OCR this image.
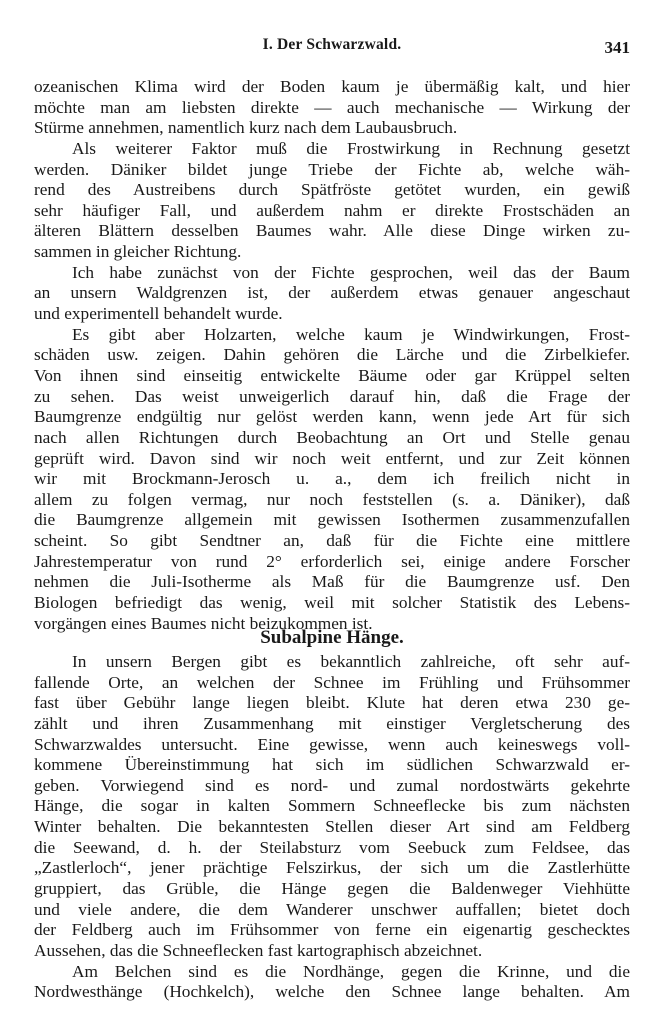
I. Der Schwarzwald.	341
ozeanischen Klima wird der Boden kaum je übermäßig kalt, und hier
möchte man am liebsten direkte — auch mechanische — Wirkung der
Stürme annehmen, namentlich kurz nach dem Laubausbruch.
Als weiterer Faktor muß die Frostwirkung in Rechnung gesetzt
werden. Däniker bildet junge Triebe der Fichte ab, welche wäh-
rend des Austreibens durch Spätfröste getötet wurden, ein gewiß
sehr häufiger Fall, und außerdem nahm er direkte Frostschäden an
älteren Blättern desselben Baumes wahr. Alle diese Dinge wirken zu-
sammen in gleicher Richtung.
Ich habe zunächst von der Fichte gesprochen, weil das der Baum
an unsern Waldgrenzen ist, der außerdem etwas genauer angeschaut
und experimentell behandelt wurde.
Es gibt aber Holzarten, welche kaum je Windwirkungen, Frost-
schäden usw. zeigen. Dahin gehören die Lärche und die Zirbelkiefer.
Von ihnen sind einseitig entwickelte Bäume oder gar Krüppel selten
zu sehen. Das weist unweigerlich darauf hin, daß die Frage der
Baumgrenze endgültig nur gelöst werden kann, wenn jede Art für sich
nach allen Richtungen durch Beobachtung an Ort und Stelle genau
geprüft wird. Davon sind wir noch weit entfernt, und zur Zeit können
wir mit Brockmann-Jerosch u. a., dem ich freilich nicht in
allem zu folgen vermag, nur noch feststellen (s. a. Däniker), daß
die Baumgrenze allgemein mit gewissen Isothermen zusammenzufallen
scheint. So gibt Sendtner an, daß für die Fichte eine mittlere
Jahrestemperatur von rund 2° erforderlich sei, einige andere Forscher
nehmen die Juli-Isotherme als Maß für die Baumgrenze usf. Den
Biologen befriedigt das wenig, weil mit solcher Statistik des Lebens-
vorgängen eines Baumes nicht beizukommen ist.
Subalpine Hänge.
In unsern Bergen gibt es bekanntlich zahlreiche, oft sehr auf-
fallende Orte, an welchen der Schnee im Frühling und Frühsommer
fast über Gebühr lange liegen bleibt. Klute hat deren etwa 230 ge-
zählt und ihren Zusammenhang mit einstiger Vergletscherung des
Schwarzwaldes untersucht. Eine gewisse, wenn auch keineswegs voll-
kommene Übereinstimmung hat sich im südlichen Schwarzwald er-
geben. Vorwiegend sind es nord- und zumal nordostwärts gekehrte
Hänge, die sogar in kalten Sommern Schneeflecke bis zum nächsten
Winter behalten. Die bekanntesten Stellen dieser Art sind am Feldberg
die Seewand, d. h. der Steilabsturz vom Seebuck zum Feldsee, das
„Zastlerloch“, jener prächtige Felszirkus, der sich um die Zastlerhütte
gruppiert, das Grüble, die Hänge gegen die Baldenweger Viehhütte
und viele andere, die dem Wanderer unschwer auffallen; bietet doch
der Feldberg auch im Frühsommer von ferne ein eigenartig geschecktes
Aussehen, das die Schneeflecken fast kartographisch abzeichnet.
Am Belchen sind es die Nordhänge, gegen die Krinne, und die
Nordwesthänge (Hochkelch), welche den Schnee lange behalten. Am
